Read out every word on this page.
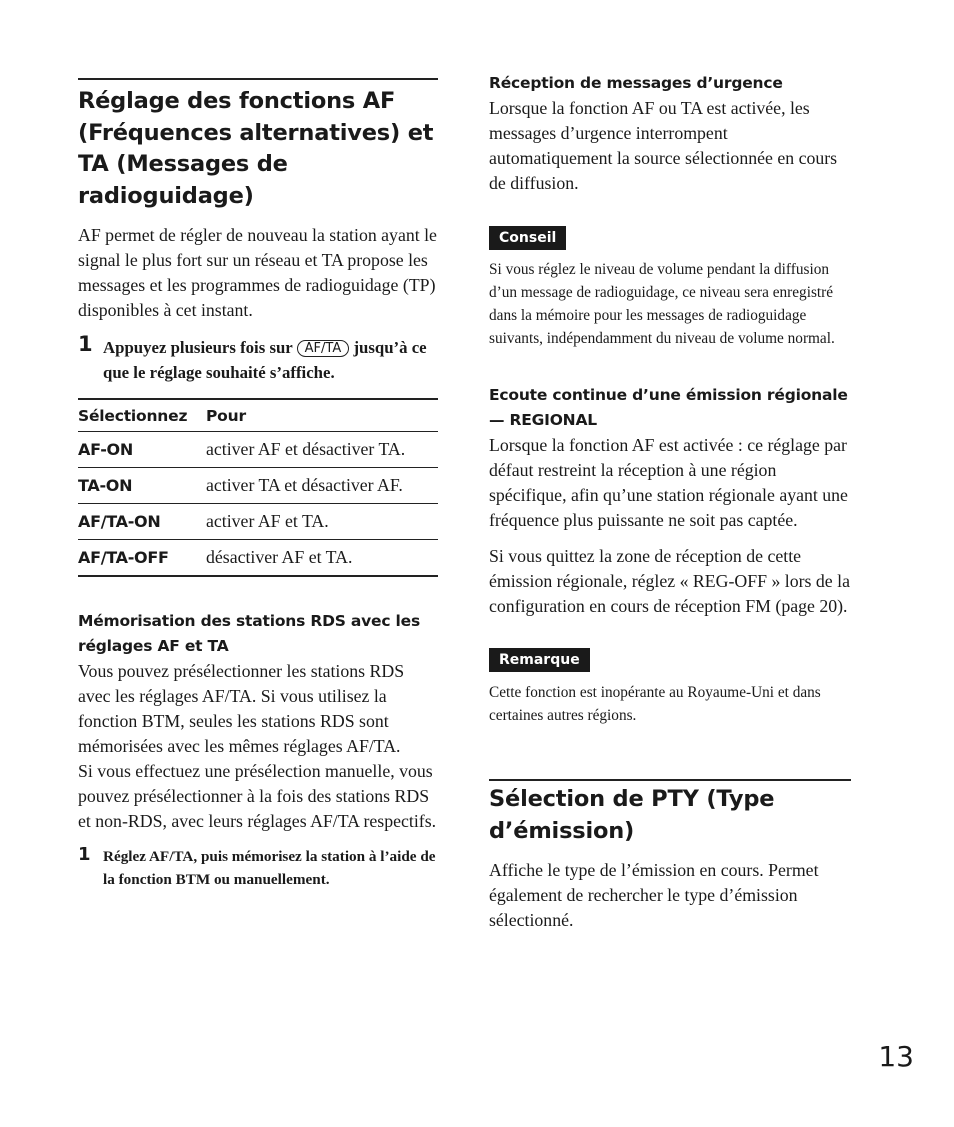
Réglage des fonctions AF (Fréquences alternatives) et TA (Messages de radioguidage)

AF permet de régler de nouveau la station ayant le signal le plus fort sur un réseau et TA propose les messages et les programmes de radioguidage (TP) disponibles à cet instant.

1 Appuyez plusieurs fois sur AF/TA jusqu’à ce que le réglage souhaité s’affiche.

Sélectionnez	Pour
AF-ON	activer AF et désactiver TA.
TA-ON	activer TA et désactiver AF.
AF/TA-ON	activer AF et TA.
AF/TA-OFF	désactiver AF et TA.
Mémorisation des stations RDS avec les réglages AF et TA

Vous pouvez présélectionner les stations RDS avec les réglages AF/TA. Si vous utilisez la fonction BTM, seules les stations RDS sont mémorisées avec les mêmes réglages AF/TA.

Si vous effectuez une présélection manuelle, vous pouvez présélectionner à la fois des stations RDS et non-RDS, avec leurs réglages AF/TA respectifs.

1 Réglez AF/TA, puis mémorisez la station à l’aide de la fonction BTM ou manuellement.

Réception de messages d’urgence

Lorsque la fonction AF ou TA est activée, les messages d’urgence interrompent automatiquement la source sélectionnée en cours de diffusion.

Conseil

Si vous réglez le niveau de volume pendant la diffusion d’un message de radioguidage, ce niveau sera enregistré dans la mémoire pour les messages de radioguidage suivants, indépendamment du niveau de volume normal.

Ecoute continue d’une émission régionale — REGIONAL

Lorsque la fonction AF est activée : ce réglage par défaut restreint la réception à une région spécifique, afin qu’une station régionale ayant une fréquence plus puissante ne soit pas captée.

Si vous quittez la zone de réception de cette émission régionale, réglez « REG-OFF » lors de la configuration en cours de réception FM (page 20).

Remarque

Cette fonction est inopérante au Royaume-Uni et dans certaines autres régions.

Sélection de PTY (Type d’émission)

Affiche le type de l’émission en cours. Permet également de rechercher le type d’émission sélectionné.

13
